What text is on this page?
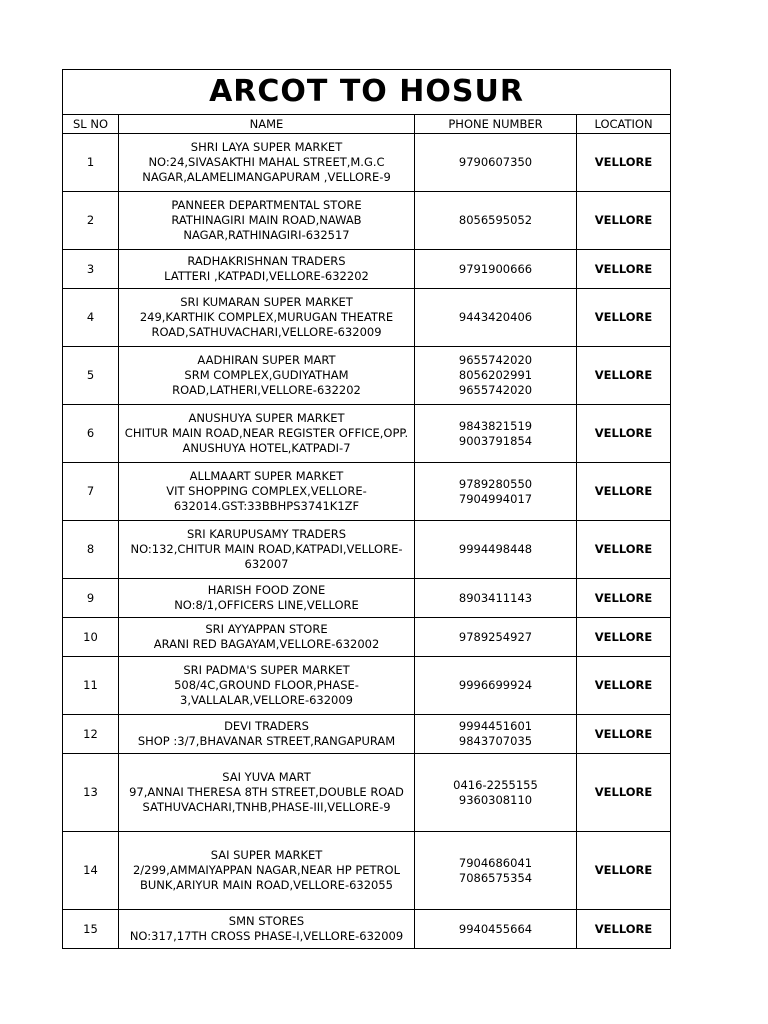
ARCOT TO HOSUR			
SL NO	NAME	PHONE NUMBER	LOCATION
1	SHRI LAYA SUPER MARKET
NO:24,SIVASAKTHI MAHAL STREET,M.G.C
NAGAR,ALAMELIMANGAPURAM ,VELLORE-9	9790607350	VELLORE
2	PANNEER DEPARTMENTAL STORE
RATHINAGIRI MAIN ROAD,NAWAB
NAGAR,RATHINAGIRI-632517	8056595052	VELLORE
3	RADHAKRISHNAN TRADERS
LATTERI ,KATPADI,VELLORE-632202	9791900666	VELLORE
4	SRI KUMARAN SUPER MARKET
249,KARTHIK COMPLEX,MURUGAN THEATRE
ROAD,SATHUVACHARI,VELLORE-632009	9443420406	VELLORE
5	AADHIRAN SUPER MART
SRM COMPLEX,GUDIYATHAM
ROAD,LATHERI,VELLORE-632202	9655742020
8056202991
9655742020	VELLORE
6	ANUSHUYA SUPER MARKET
CHITUR MAIN ROAD,NEAR REGISTER OFFICE,OPP.
ANUSHUYA HOTEL,KATPADI-7	9843821519
9003791854	VELLORE
7	ALLMAART SUPER MARKET
VIT SHOPPING COMPLEX,VELLORE-
632014.GST:33BBHPS3741K1ZF	9789280550
7904994017	VELLORE
8	SRI KARUPUSAMY TRADERS
NO:132,CHITUR MAIN ROAD,KATPADI,VELLORE-
632007	9994498448	VELLORE
9	HARISH FOOD ZONE
NO:8/1,OFFICERS LINE,VELLORE	8903411143	VELLORE
10	SRI AYYAPPAN STORE
ARANI RED BAGAYAM,VELLORE-632002	9789254927	VELLORE
11	SRI PADMA'S SUPER MARKET
508/4C,GROUND FLOOR,PHASE-
3,VALLALAR,VELLORE-632009	9996699924	VELLORE
12	DEVI TRADERS
SHOP :3/7,BHAVANAR STREET,RANGAPURAM	9994451601
9843707035	VELLORE
13	SAI YUVA MART
97,ANNAI THERESA 8TH STREET,DOUBLE ROAD
SATHUVACHARI,TNHB,PHASE-III,VELLORE-9	0416-2255155
9360308110	VELLORE
14	SAI SUPER MARKET
2/299,AMMAIYAPPAN NAGAR,NEAR HP PETROL
BUNK,ARIYUR MAIN ROAD,VELLORE-632055	7904686041
7086575354	VELLORE
15	SMN STORES
NO:317,17TH CROSS PHASE-I,VELLORE-632009	9940455664	VELLORE
